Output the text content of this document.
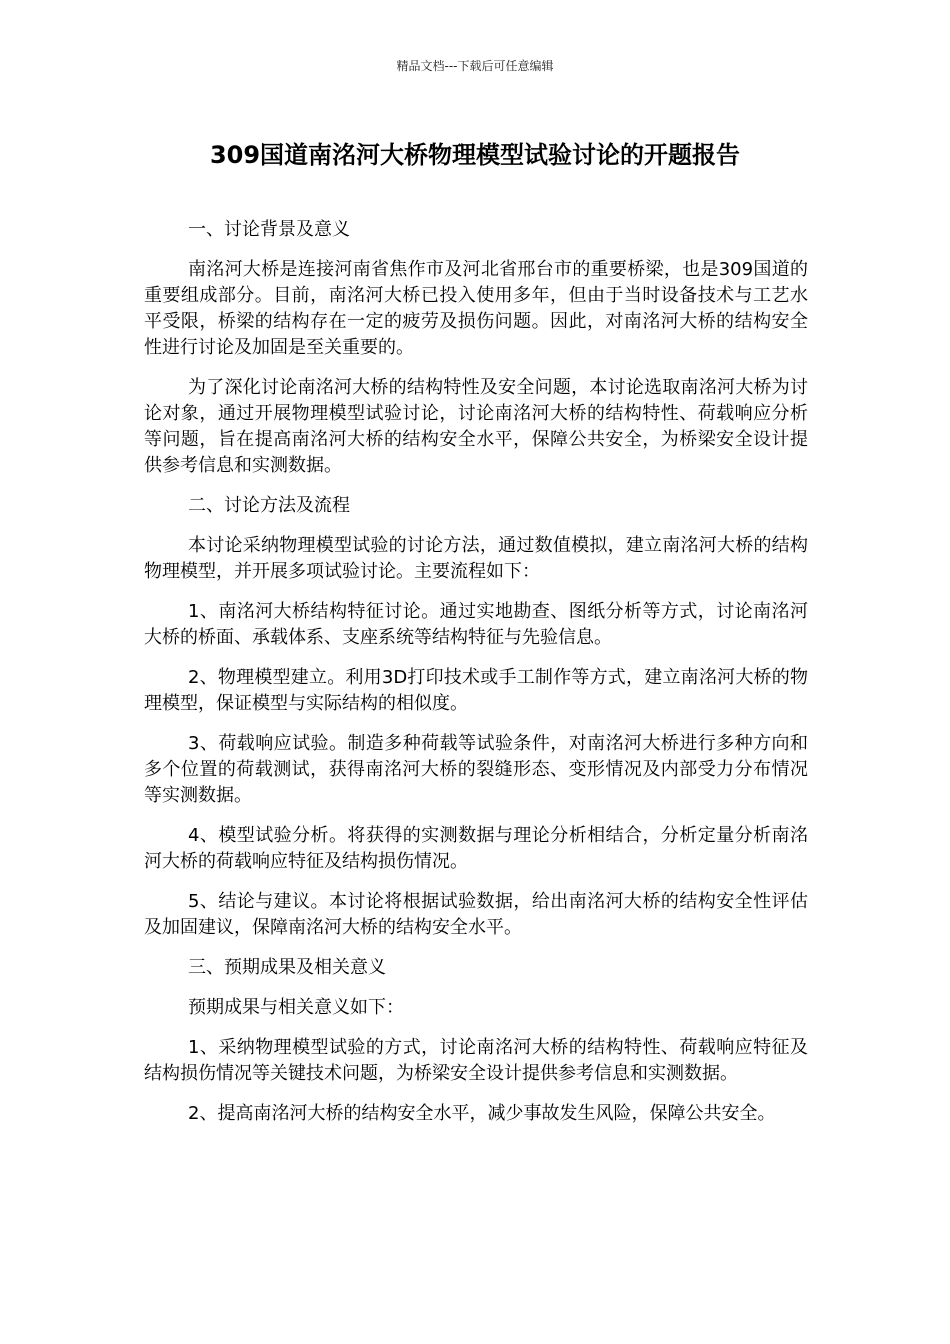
精品文档---下载后可任意编辑
309国道南洺河大桥物理模型试验讨论的开题报告

一、讨论背景及意义

南洺河大桥是连接河南省焦作市及河北省邢台市的重要桥梁，也是309国道的重要组成部分。目前，南洺河大桥已投入使用多年，但由于当时设备技术与工艺水平受限，桥梁的结构存在一定的疲劳及损伤问题。因此，对南洺河大桥的结构安全性进行讨论及加固是至关重要的。

为了深化讨论南洺河大桥的结构特性及安全问题，本讨论选取南洺河大桥为讨论对象，通过开展物理模型试验讨论，讨论南洺河大桥的结构特性、荷载响应分析等问题，旨在提高南洺河大桥的结构安全水平，保障公共安全，为桥梁安全设计提供参考信息和实测数据。

二、讨论方法及流程

本讨论采纳物理模型试验的讨论方法，通过数值模拟，建立南洺河大桥的结构物理模型，并开展多项试验讨论。主要流程如下：

1、南洺河大桥结构特征讨论。通过实地勘查、图纸分析等方式，讨论南洺河大桥的桥面、承载体系、支座系统等结构特征与先验信息。

2、物理模型建立。利用3D打印技术或手工制作等方式，建立南洺河大桥的物理模型，保证模型与实际结构的相似度。

3、荷载响应试验。制造多种荷载等试验条件，对南洺河大桥进行多种方向和多个位置的荷载测试，获得南洺河大桥的裂缝形态、变形情况及内部受力分布情况等实测数据。

4、模型试验分析。将获得的实测数据与理论分析相结合，分析定量分析南洺河大桥的荷载响应特征及结构损伤情况。

5、结论与建议。本讨论将根据试验数据，给出南洺河大桥的结构安全性评估及加固建议，保障南洺河大桥的结构安全水平。

三、预期成果及相关意义

预期成果与相关意义如下：

1、采纳物理模型试验的方式，讨论南洺河大桥的结构特性、荷载响应特征及结构损伤情况等关键技术问题，为桥梁安全设计提供参考信息和实测数据。

2、提高南洺河大桥的结构安全水平，减少事故发生风险，保障公共安全。
